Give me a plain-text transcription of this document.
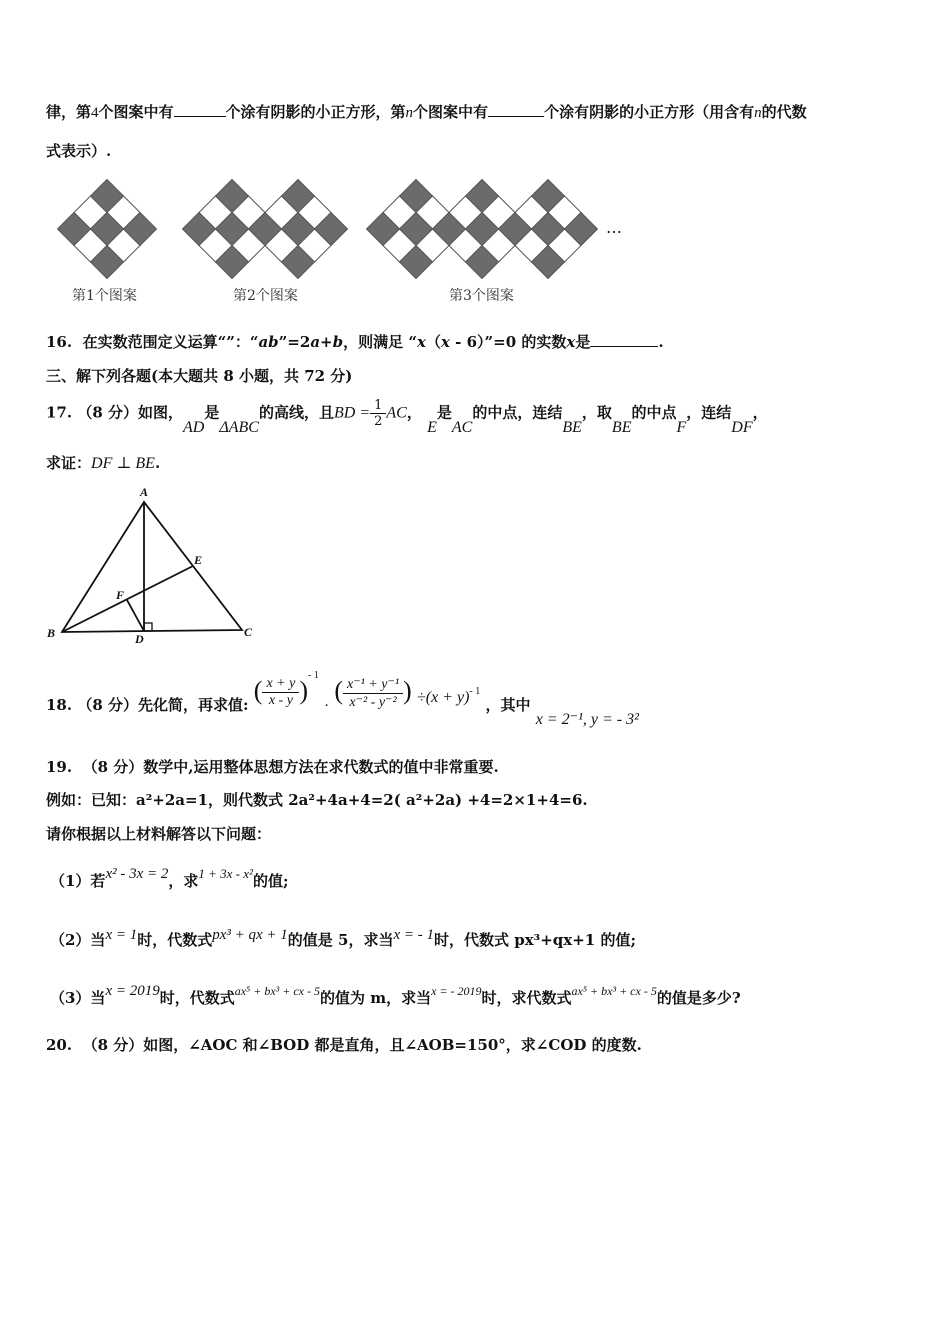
律，第4个图案中有	个涂有阴影的小正方形，第n个图案中有	个涂有阴影的小正方形（用含有n的代数
式表示）.
…
第1个图案	第2个图案	第3个图案
16. 在实数范围定义运算“”：“ab”=2a+b，则满足 “x（x - 6）”=0 的实数x是	.
三、解下列各题(本大题共 8 小题，共 72 分)
17. （8 分）如图，AD是ΔABC的高线，且BD = $\frac{1}{2}$ AC， E是AC的中点，连结BE，取BE的中点F，连结DF，
求证：DF ⊥ BE.
A
B	C
D
E
F
18. （8 分）先化简，再求值: ( $\frac{x + y}{x - y} )^{- 1}$ · ( $\frac{\text{x⁻¹ + y⁻¹}}{\text{x⁻² - y⁻²}}$ ) $\div(x + y)_{- 1}$ ，其中 x = 2⁻¹, y = - 3²
19. （8 分）数学中,运用整体思想方法在求代数式的值中非常重要.
例如：已知：a²+2a=1，则代数式 2a²+4a+4=2( a²+2a) +4=2×1+4=6.
请你根据以上材料解答以下问题：
（1）若x² - 3x = 2，求1 + 3x - x²的值;
（2）当x = 1时，代数式px³ + qx + 1的值是 5，求当x = - 1时，代数式 px³+qx+1 的值;
（3）当x = 2019时，代数式ax⁵ + bx³ + cx - 5的值为 m，求当x = - 2019时，求代数式ax⁵ + bx³ + cx - 5的值是多少?
20. （8 分）如图，∠AOC 和∠BOD 都是直角，且∠AOB=150°，求∠COD 的度数.
